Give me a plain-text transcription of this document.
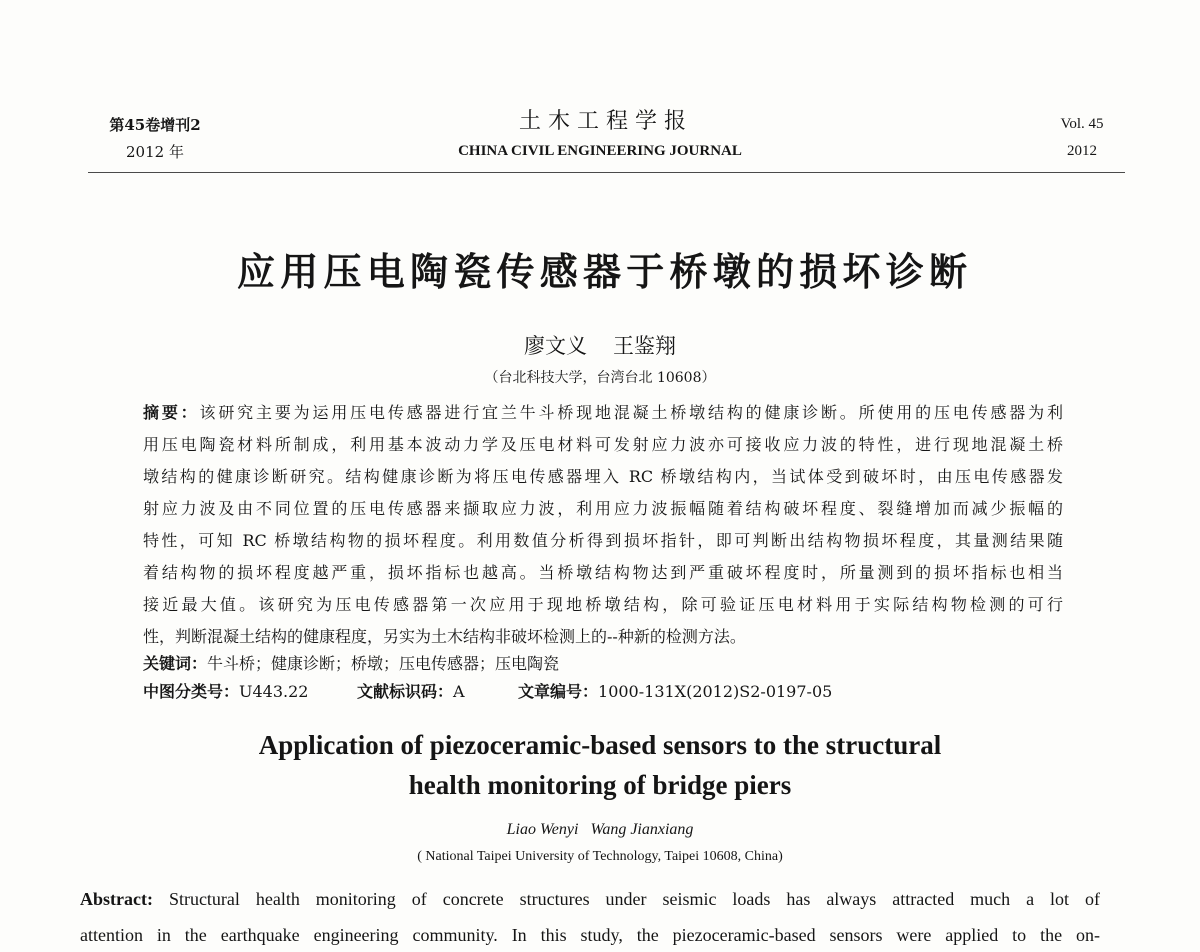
第45卷增刊2
2012 年
土 木 工 程 学 报
CHINA CIVIL ENGINEERING JOURNAL
Vol. 45
2012
应用压电陶瓷传感器于桥墩的损坏诊断
廖文义 王鉴翔
（台北科技大学，台湾台北 10608）
摘要：该研究主要为运用压电传感器进行宜兰牛斗桥现地混凝土桥墩结构的健康诊断。所使用的压电传感器为利
用压电陶瓷材料所制成，利用基本波动力学及压电材料可发射应力波亦可接收应力波的特性，进行现地混凝土桥
墩结构的健康诊断研究。结构健康诊断为将压电传感器埋入 RC 桥墩结构内，当试体受到破坏时，由压电传感器发
射应力波及由不同位置的压电传感器来撷取应力波，利用应力波振幅随着结构破坏程度、裂缝增加而减少振幅的
特性，可知 RC 桥墩结构物的损坏程度。利用数值分析得到损坏指针，即可判断出结构物损坏程度，其量测结果随
着结构物的损坏程度越严重，损坏指标也越高。当桥墩结构物达到严重破坏程度时，所量测到的损坏指标也相当
接近最大值。该研究为压电传感器第一次应用于现地桥墩结构，除可验证压电材料用于实际结构物检测的可行
性，判断混凝土结构的健康程度，另实为土木结构非破坏检测上的--种新的检测方法。
关键词：牛斗桥；健康诊断；桥墩；压电传感器；压电陶瓷
中图分类号：U443.22	文献标识码：A	文章编号：1000-131X(2012)S2-0197-05
Application of piezoceramic-based sensors to the structural
health monitoring of bridge piers
Liao Wenyi Wang Jianxiang
( National Taipei University of Technology, Taipei 10608, China)
Abstract: Structural health monitoring of concrete structures under seismic loads has always attracted much a lot of
attention in the earthquake engineering community. In this study, the piezoceramic-based sensors were applied to the on-
